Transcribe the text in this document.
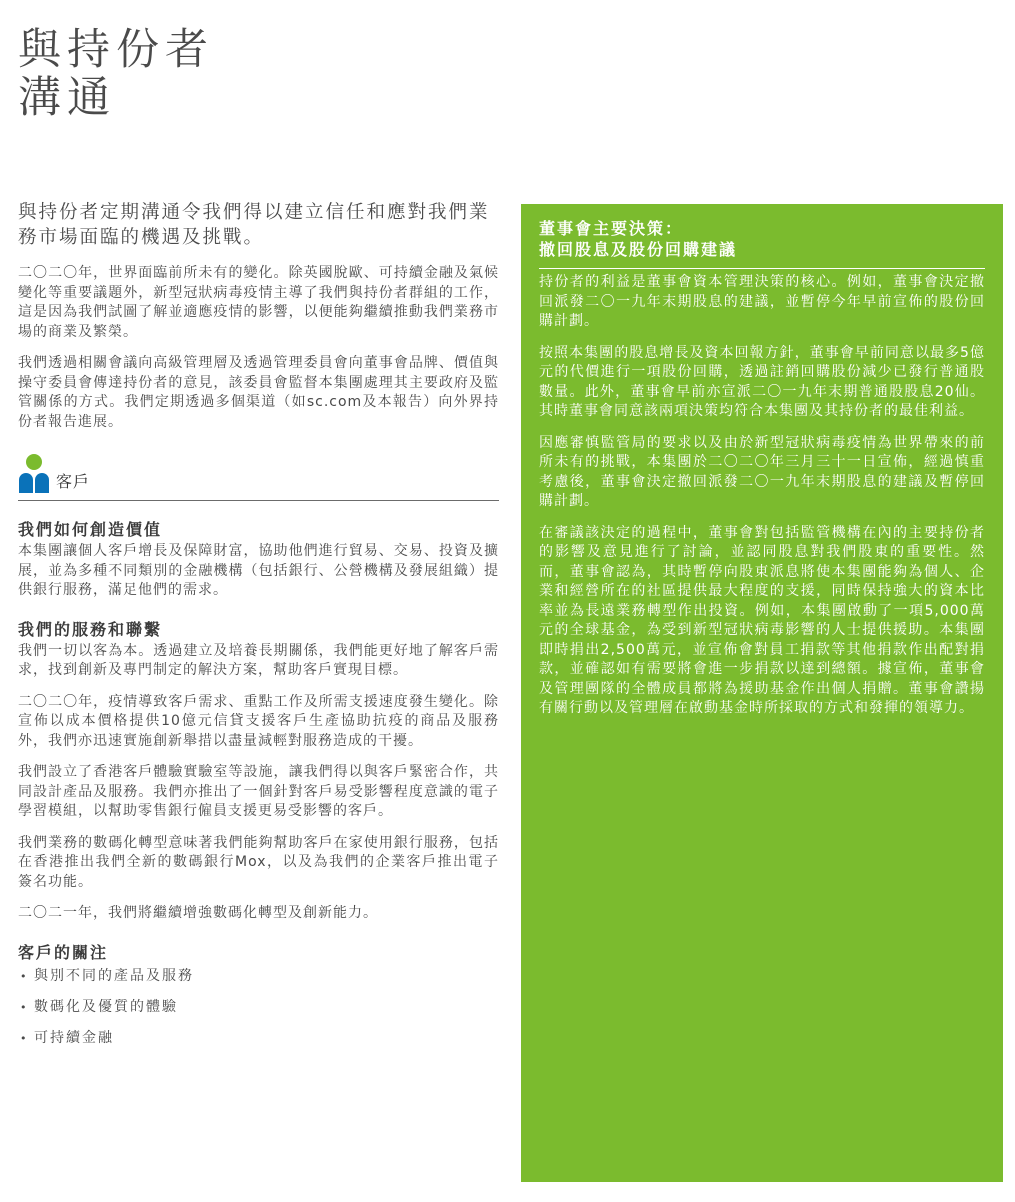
與持份者
溝通
與持份者定期溝通令我們得以建立信任和應對我們業務市場面臨的機遇及挑戰。

二〇二〇年，世界面臨前所未有的變化。除英國脫歐、可持續金融及氣候變化等重要議題外，新型冠狀病毒疫情主導了我們與持份者群組的工作，這是因為我們試圖了解並適應疫情的影響，以便能夠繼續推動我們業務市場的商業及繁榮。

我們透過相關會議向高級管理層及透過管理委員會向董事會品牌、價值與操守委員會傳達持份者的意見，該委員會監督本集團處理其主要政府及監管關係的方式。我們定期透過多個渠道（如sc.com及本報告）向外界持份者報告進展。

客戶
我們如何創造價值

本集團讓個人客戶增長及保障財富，協助他們進行貿易、交易、投資及擴展，並為多種不同類別的金融機構（包括銀行、公營機構及發展組織）提供銀行服務，滿足他們的需求。

我們的服務和聯繫

我們一切以客為本。透過建立及培養長期關係，我們能更好地了解客戶需求，找到創新及專門制定的解決方案，幫助客戶實現目標。

二〇二〇年，疫情導致客戶需求、重點工作及所需支援速度發生變化。除宣佈以成本價格提供10億元信貸支援客戶生產協助抗疫的商品及服務外，我們亦迅速實施創新舉措以盡量減輕對服務造成的干擾。

我們設立了香港客戶體驗實驗室等設施，讓我們得以與客戶緊密合作，共同設計產品及服務。我們亦推出了一個針對客戶易受影響程度意識的電子學習模組，以幫助零售銀行僱員支援更易受影響的客戶。

我們業務的數碼化轉型意味著我們能夠幫助客戶在家使用銀行服務，包括在香港推出我們全新的數碼銀行Mox，以及為我們的企業客戶推出電子簽名功能。

二〇二一年，我們將繼續增強數碼化轉型及創新能力。

客戶的關注
• 與別不同的產品及服務
• 數碼化及優質的體驗
• 可持續金融
董事會主要決策：
撤回股息及股份回購建議

持份者的利益是董事會資本管理決策的核心。例如，董事會決定撤回派發二〇一九年末期股息的建議，並暫停今年早前宣佈的股份回購計劃。

按照本集團的股息增長及資本回報方針，董事會早前同意以最多5億元的代價進行一項股份回購，透過註銷回購股份減少已發行普通股數量。此外，董事會早前亦宣派二〇一九年末期普通股股息20仙。其時董事會同意該兩項決策均符合本集團及其持份者的最佳利益。

因應審慎監管局的要求以及由於新型冠狀病毒疫情為世界帶來的前所未有的挑戰，本集團於二〇二〇年三月三十一日宣佈，經過慎重考慮後，董事會決定撤回派發二〇一九年末期股息的建議及暫停回購計劃。

在審議該決定的過程中，董事會對包括監管機構在內的主要持份者的影響及意見進行了討論，並認同股息對我們股東的重要性。然而，董事會認為，其時暫停向股東派息將使本集團能夠為個人、企業和經營所在的社區提供最大程度的支援，同時保持強大的資本比率並為長遠業務轉型作出投資。例如，本集團啟動了一項5,000萬元的全球基金，為受到新型冠狀病毒影響的人士提供援助。本集團即時捐出2,500萬元，並宣佈會對員工捐款等其他捐款作出配對捐款，並確認如有需要將會進一步捐款以達到總額。據宣佈，董事會及管理團隊的全體成員都將為援助基金作出個人捐贈。董事會讚揚有關行動以及管理層在啟動基金時所採取的方式和發揮的領導力。
